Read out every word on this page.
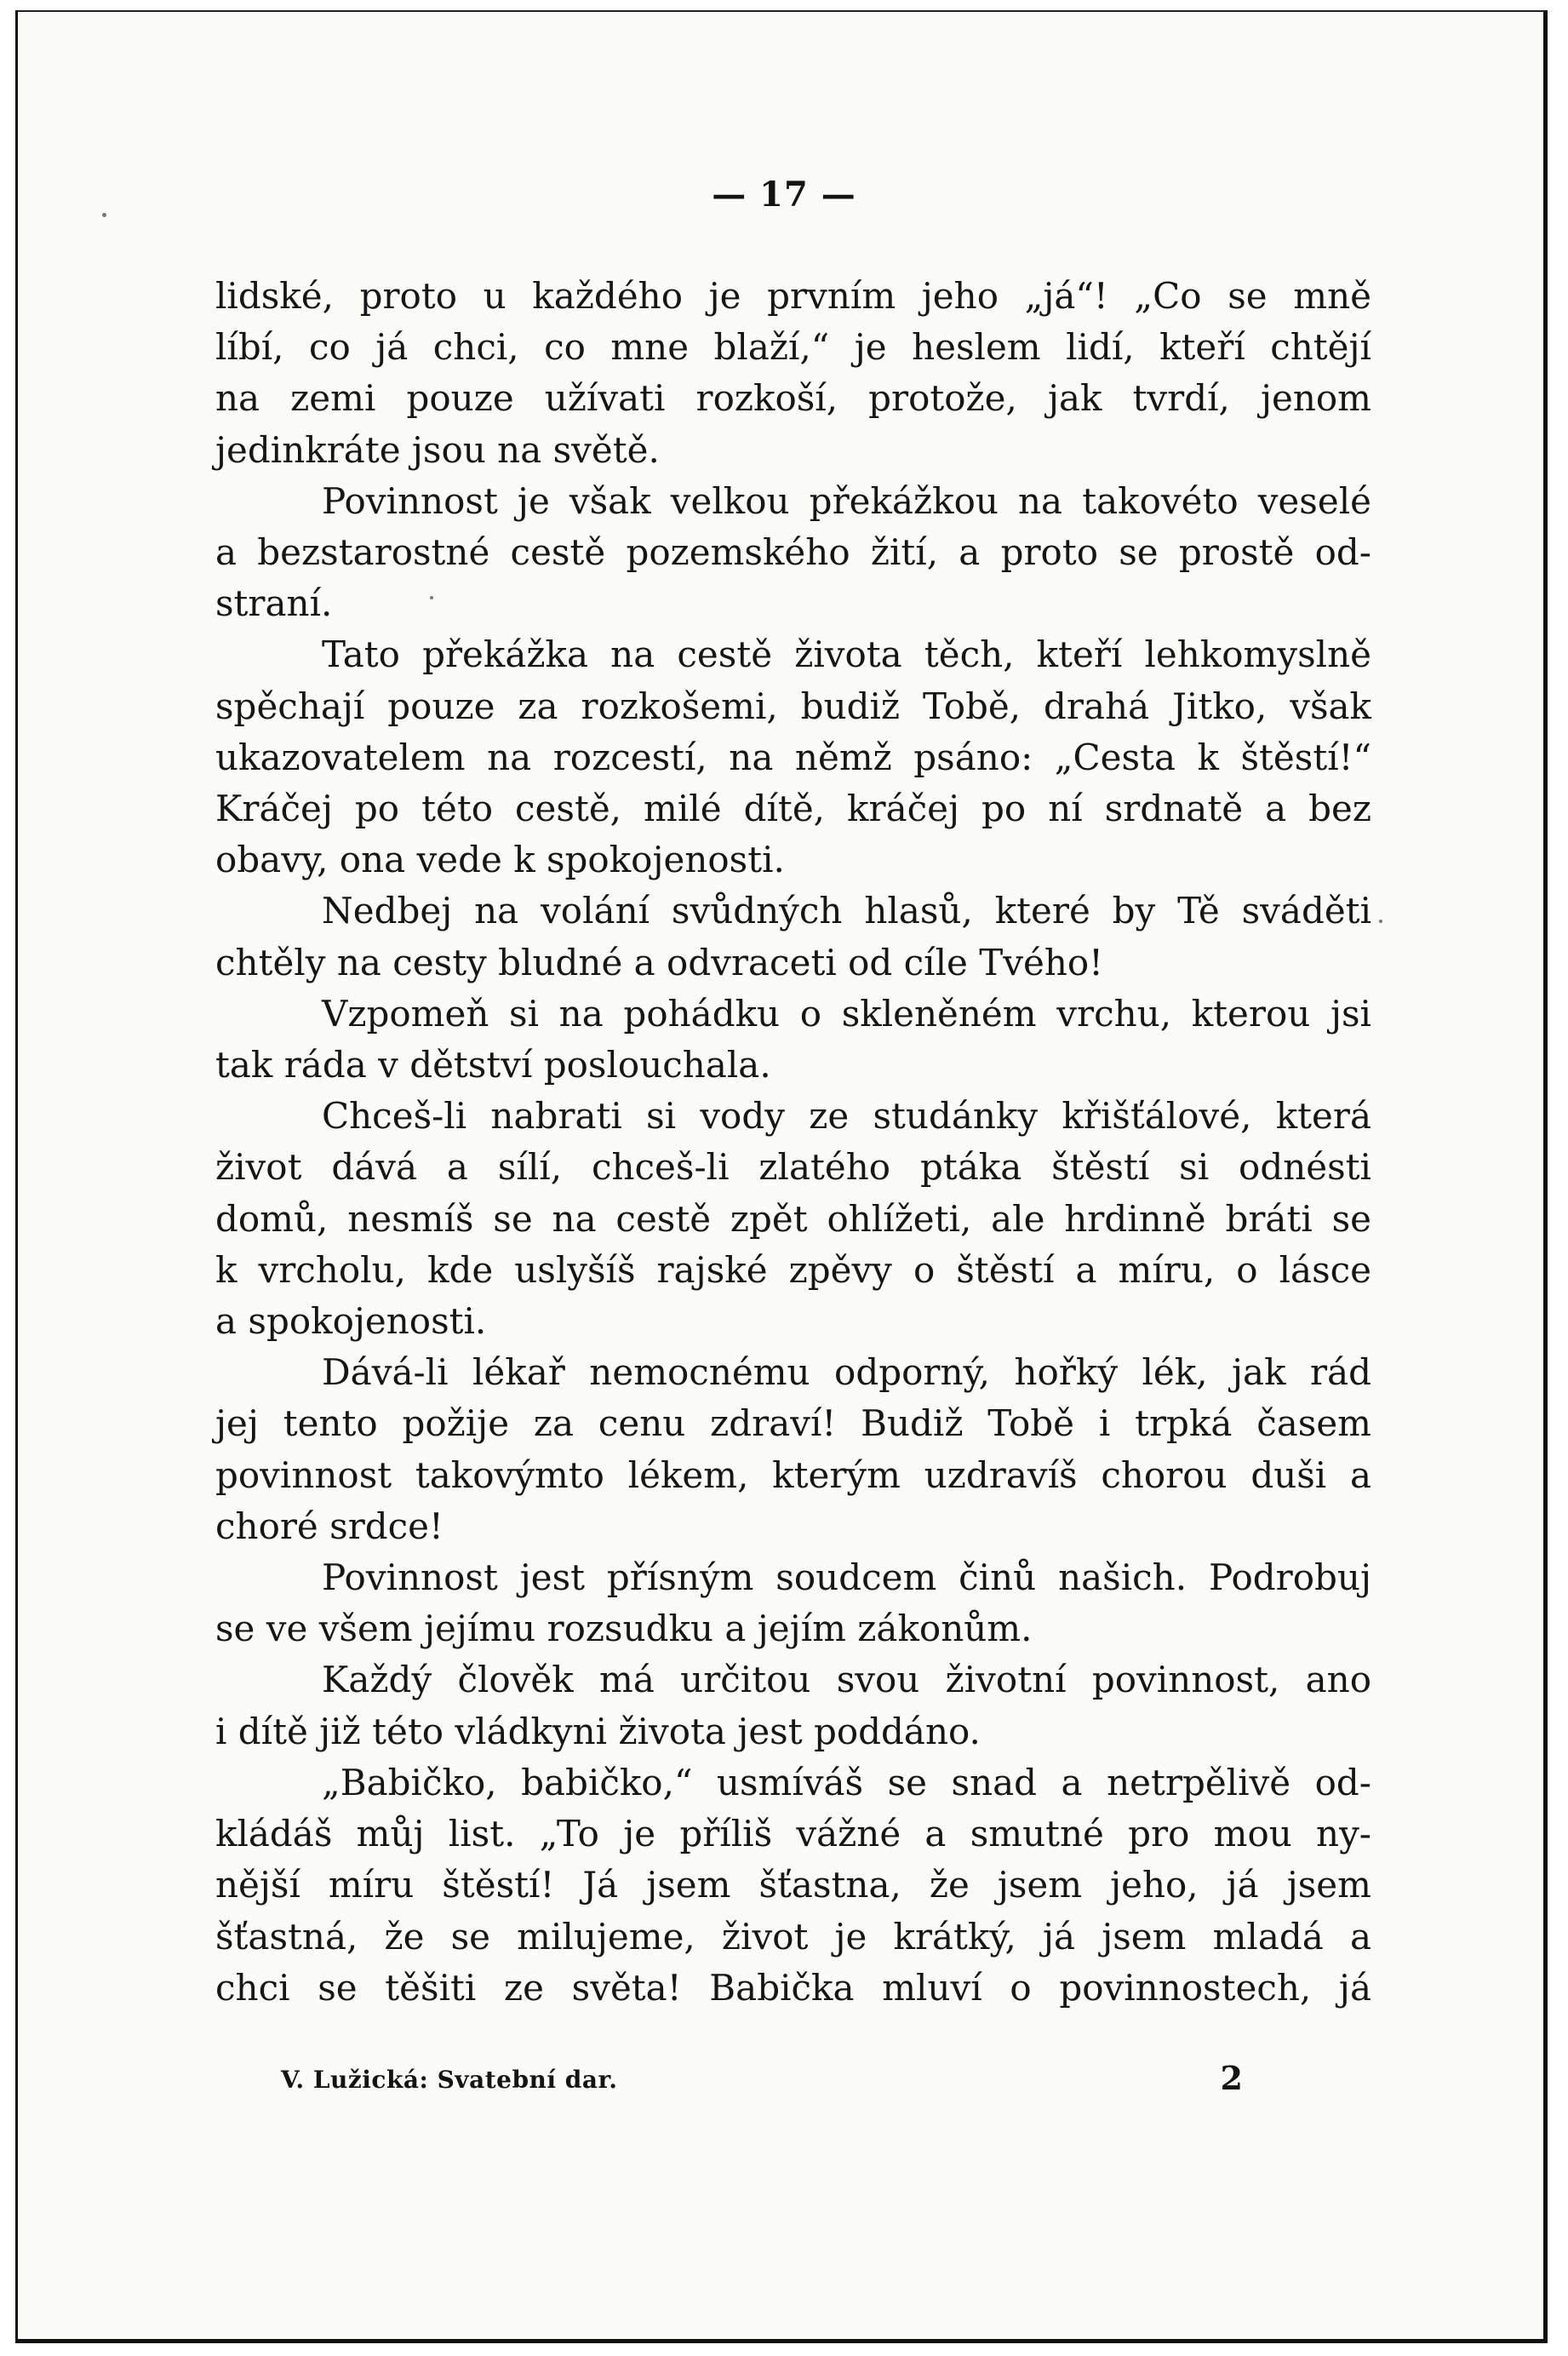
— 17 —
lidské, proto u každého je prvním jeho „já“! „Co se mně
líbí, co já chci, co mne blaží,“ je heslem lidí, kteří chtějí
na zemi pouze užívati rozkoší, protože, jak tvrdí, jenom
jedinkráte jsou na světě.
Povinnost je však velkou překážkou na takovéto veselé
a bezstarostné cestě pozemského žití, a proto se prostě od-
straní.
Tato překážka na cestě života těch, kteří lehkomyslně
spěchají pouze za rozkošemi, budiž Tobě, drahá Jitko, však
ukazovatelem na rozcestí, na němž psáno: „Cesta k štěstí!“
Kráčej po této cestě, milé dítě, kráčej po ní srdnatě a bez
obavy, ona vede k spokojenosti.
Nedbej na volání svůdných hlasů, které by Tě sváděti
chtěly na cesty bludné a odvraceti od cíle Tvého!
Vzpomeň si na pohádku o skleněném vrchu, kterou jsi
tak ráda v dětství poslouchala.
Chceš-li nabrati si vody ze studánky křišťálové, která
život dává a sílí, chceš-li zlatého ptáka štěstí si odnésti
domů, nesmíš se na cestě zpět ohlížeti, ale hrdinně bráti se
k vrcholu, kde uslyšíš rajské zpěvy o štěstí a míru, o lásce
a spokojenosti.
Dává-li lékař nemocnému odporný, hořký lék, jak rád
jej tento požije za cenu zdraví! Budiž Tobě i trpká časem
povinnost takovýmto lékem, kterým uzdravíš chorou duši a
choré srdce!
Povinnost jest přísným soudcem činů našich. Podrobuj
se ve všem jejímu rozsudku a jejím zákonům.
Každý člověk má určitou svou životní povinnost, ano
i dítě již této vládkyni života jest poddáno.
„Babičko, babičko,“ usmíváš se snad a netrpělivě od-
kládáš můj list. „To je příliš vážné a smutné pro mou ny-
nější míru štěstí! Já jsem šťastna, že jsem jeho, já jsem
šťastná, že se milujeme, život je krátký, já jsem mladá a
chci se těšiti ze světa! Babička mluví o povinnostech, já
V. Lužická: Svatební dar.	2
